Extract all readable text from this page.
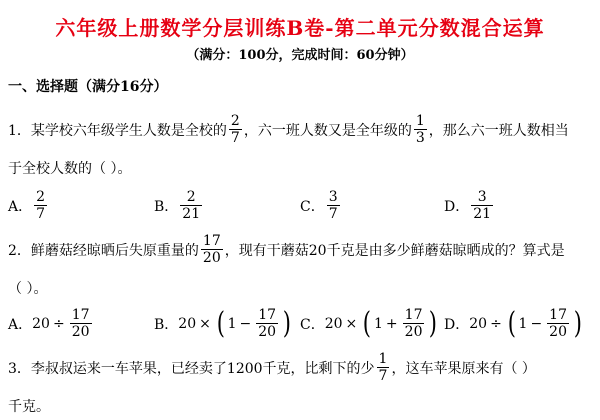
六年级上册数学分层训练B卷-第二单元分数混合运算
（满分：100分，完成时间：60分钟）
一、选择题（满分16分）
1．某学校六年级学生人数是全校的 $\frac{2}{7}$ ，六一班人数又是全年级的 $\frac{1}{3}$ ，那么六一班人数相当
于全校人数的（ ）。
A． $\frac{2}{7}$	B． $\frac{2}{21}$	C． $\frac{3}{7}$	D． $\frac{3}{21}$
2．鲜蘑菇经晾晒后失原重量的 $\frac{17}{20}$ ，现有干蘑菇20千克是由多少鲜蘑菇晾晒成的？算式是
（ ）。
A． $20 \div \frac{17}{20}$	B． 20 × ( $1 - \frac{17}{20}$ ) C． 20 × ( $1 + \frac{17}{20}$ ) D． 20 ÷ ( $1 - \frac{17}{20}$ )
3．李叔叔运来一车苹果，已经卖了1200千克，比剩下的少 $\frac{1}{7}$ ，这车苹果原来有（ ）
千克。
